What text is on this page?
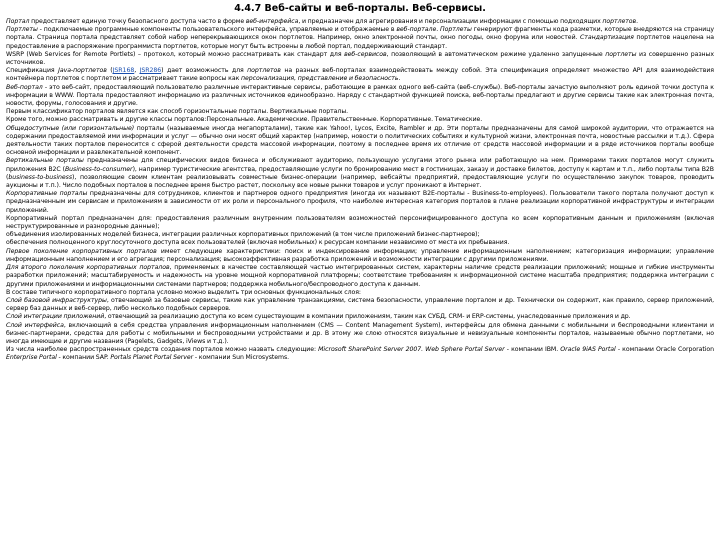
4.4.7 Веб-сайты и веб-порталы. Веб-сервисы.

Портал предоставляет единую точку безопасного доступа часто в форме веб-интерфейса, и предназначен для агрегирования и персонализации информации с помощью подходящих портлетов.

Портлеты - подключаемые программные компоненты пользовательского интерфейса, управляемые и отображаемые в веб-портале. Портлеты генерируют фрагменты кода разметки, которые внедряются на страницу портала. Страница портала представляет собой набор неперекрывающихся окон портлетов. Например, окно электронной почты, окно погоды, окно форума или новостей. Стандартизация портлетов нацелена на предоставление в распоряжение программиста портлетов, которые могут быть встроены в любой портал, поддерживающий стандарт.

WSRP (Web Services for Remote Portlets) – протокол, который можно рассматривать как стандарт для веб-сервисов, позволяющий в автоматическом режиме удаленно запущенные портлеты из совершенно разных источников.

Спецификация Java-портлетов (JSR168, JSR286) дает возможность для портлетов на разных веб-порталах взаимодействовать между собой. Эта спецификация определяет множество API для взаимодействия контейнера портлетов с портлетом и рассматривает такие вопросы как персонализация, представление и безопасность.

Веб-портал - это веб-сайт, предоставляющий пользователю различные интерактивные сервисы, работающие в рамках одного веб-сайта (веб-службы). Веб-порталы зачастую выполняют роль единой точки доступа к информации в WWW. Портала предоставляют информацию из различных источников единообразно. Наряду с стандартной функцией поиска, веб-порталы предлагают и другие сервисы такие как электронная почта, новости, форумы, голосования и другие.

Первым классификатор порталов является как способ горизонтальные порталы. Вертикальные порталы.

Кроме того, можно рассматривать и другие классы порталов:Персональные. Академические. Правительственные. Корпоративные. Тематические.

Общедоступные (или горизонтальные) порталы (называемые иногда мегапорталами), такие как Yahoo!, Lycos, Excite, Rambler и др. Эти порталы предназначены для самой широкой аудитории, что отражается на содержании предоставляемой ими информации и услуг — обычно они носят общий характер (например, новости о политических событиях и культурной жизни, электронная почта, новостные рассылки и т.д.). Сфера деятельности таких порталов переносится с сферой деятельности средств массовой информации, поэтому в последнее время их отличие от средств массовой информации и в ряде источников порталы вообще основной информации и развлекательной компонент.

Вертикальные порталы предназначены для специфических видов бизнеса и обслуживают аудиторию, пользующую услугами этого рынка или работающую на нем. Примерами таких порталов могут служить приложения B2C (Business-to-consumer), например туристические агентства, предоставляющие услуги по бронированию мест в гостиницах, заказу и доставке билетов, доступу к картам и т.п., либо порталы типа B2B (business-to-business), позволяющие своим клиентам реализовывать совместные бизнес-операции (например, вебсайты предприятий, предоставляющие услуги по осуществлению закупок товаров, проводить аукционы и т.п.). Число подобных порталов в последнее время быстро растет, поскольку все новые рынки товаров и услуг проникают в Интернет.

Корпоративные порталы предназначены для сотрудников, клиентов и партнеров одного предприятия (иногда их называют B2E-порталы - Business-to-employees). Пользователи такого портала получают доступ к предназначенным им сервисам и приложениям в зависимости от их роли и персонального профиля, что наиболее интересная категория порталов в плане реализации корпоративной инфраструктуры и интеграции приложений.

Корпоративный портал предназначен для: предоставления различным внутренним пользователям возможностей персонифицированного доступа ко всем корпоративным данным и приложениям (включая неструктурированные и разнородные данные);

объединения изолированных моделей бизнеса, интеграции различных корпоративных приложений (в том числе приложений бизнес-партнеров);

обеспечения полноценного круглосуточного доступа всех пользователей (включая мобильных) к ресурсам компании независимо от места их пребывания.

Первое поколение корпоративных порталов имеет следующие характеристики: поиск и индексирование информации; управление информационным наполнением; категоризация информации; управление информационным наполнением и его агрегация; персонализация; высокоэффективная разработка приложений и возможности интеграции с другими приложениями.

Для второго поколения корпоративных порталов, применяемых в качестве составляющей частью интегрированных систем, характерны наличие средств реализации приложений; мощные и гибкие инструменты разработки приложений; масштабируемость и надежность на уровне мощной корпоративной платформы; соответствие требованиям к информационной системе масштаба предприятия; поддержка интеграции с другими приложениями и информационными системами партнеров; поддержка мобильного/беспроводного доступа к данным.

В составе типичного корпоративного портала условно можно выделить три основных функциональных слоя:

Слой базовой инфраструктуры, отвечающий за базовые сервисы, такие как управление транзакциями, система безопасности, управление порталом и др. Технически он содержит, как правило, сервер приложений, сервер баз данных и веб-сервер, либо несколько подобных серверов.

Слой интеграции приложений, отвечающий за реализацию доступа ко всем существующим в компании приложениям, таким как СУБД, CRM- и ERP-системы, унаследованные приложения и др.

Слой интерфейса, включающий в себя средства управления информационным наполнением (CMS — Content Management System), интерфейсы для обмена данными с мобильными и беспроводными клиентами и бизнес-партнерами, средства для работы с мобильными и беспроводными устройствами и др. В этому же слою относятся визуальные и невизуальные компоненты порталов, называемые обычно портлетами, но иногда имеющие и другие названия (Pagelets, Gadgets, iViews и т.д.).

Из числа наиболее распространенных средств создания порталов можно назвать следующие: Microsoft SharePoint Server 2007. Web Sphere Portal Server - компании IBM. Oracle 9iAS Portal - компании Oracle Corporation Enterprise Portal - компании SAP. Portals Planet Portal Server - компании Sun Microsystems.
